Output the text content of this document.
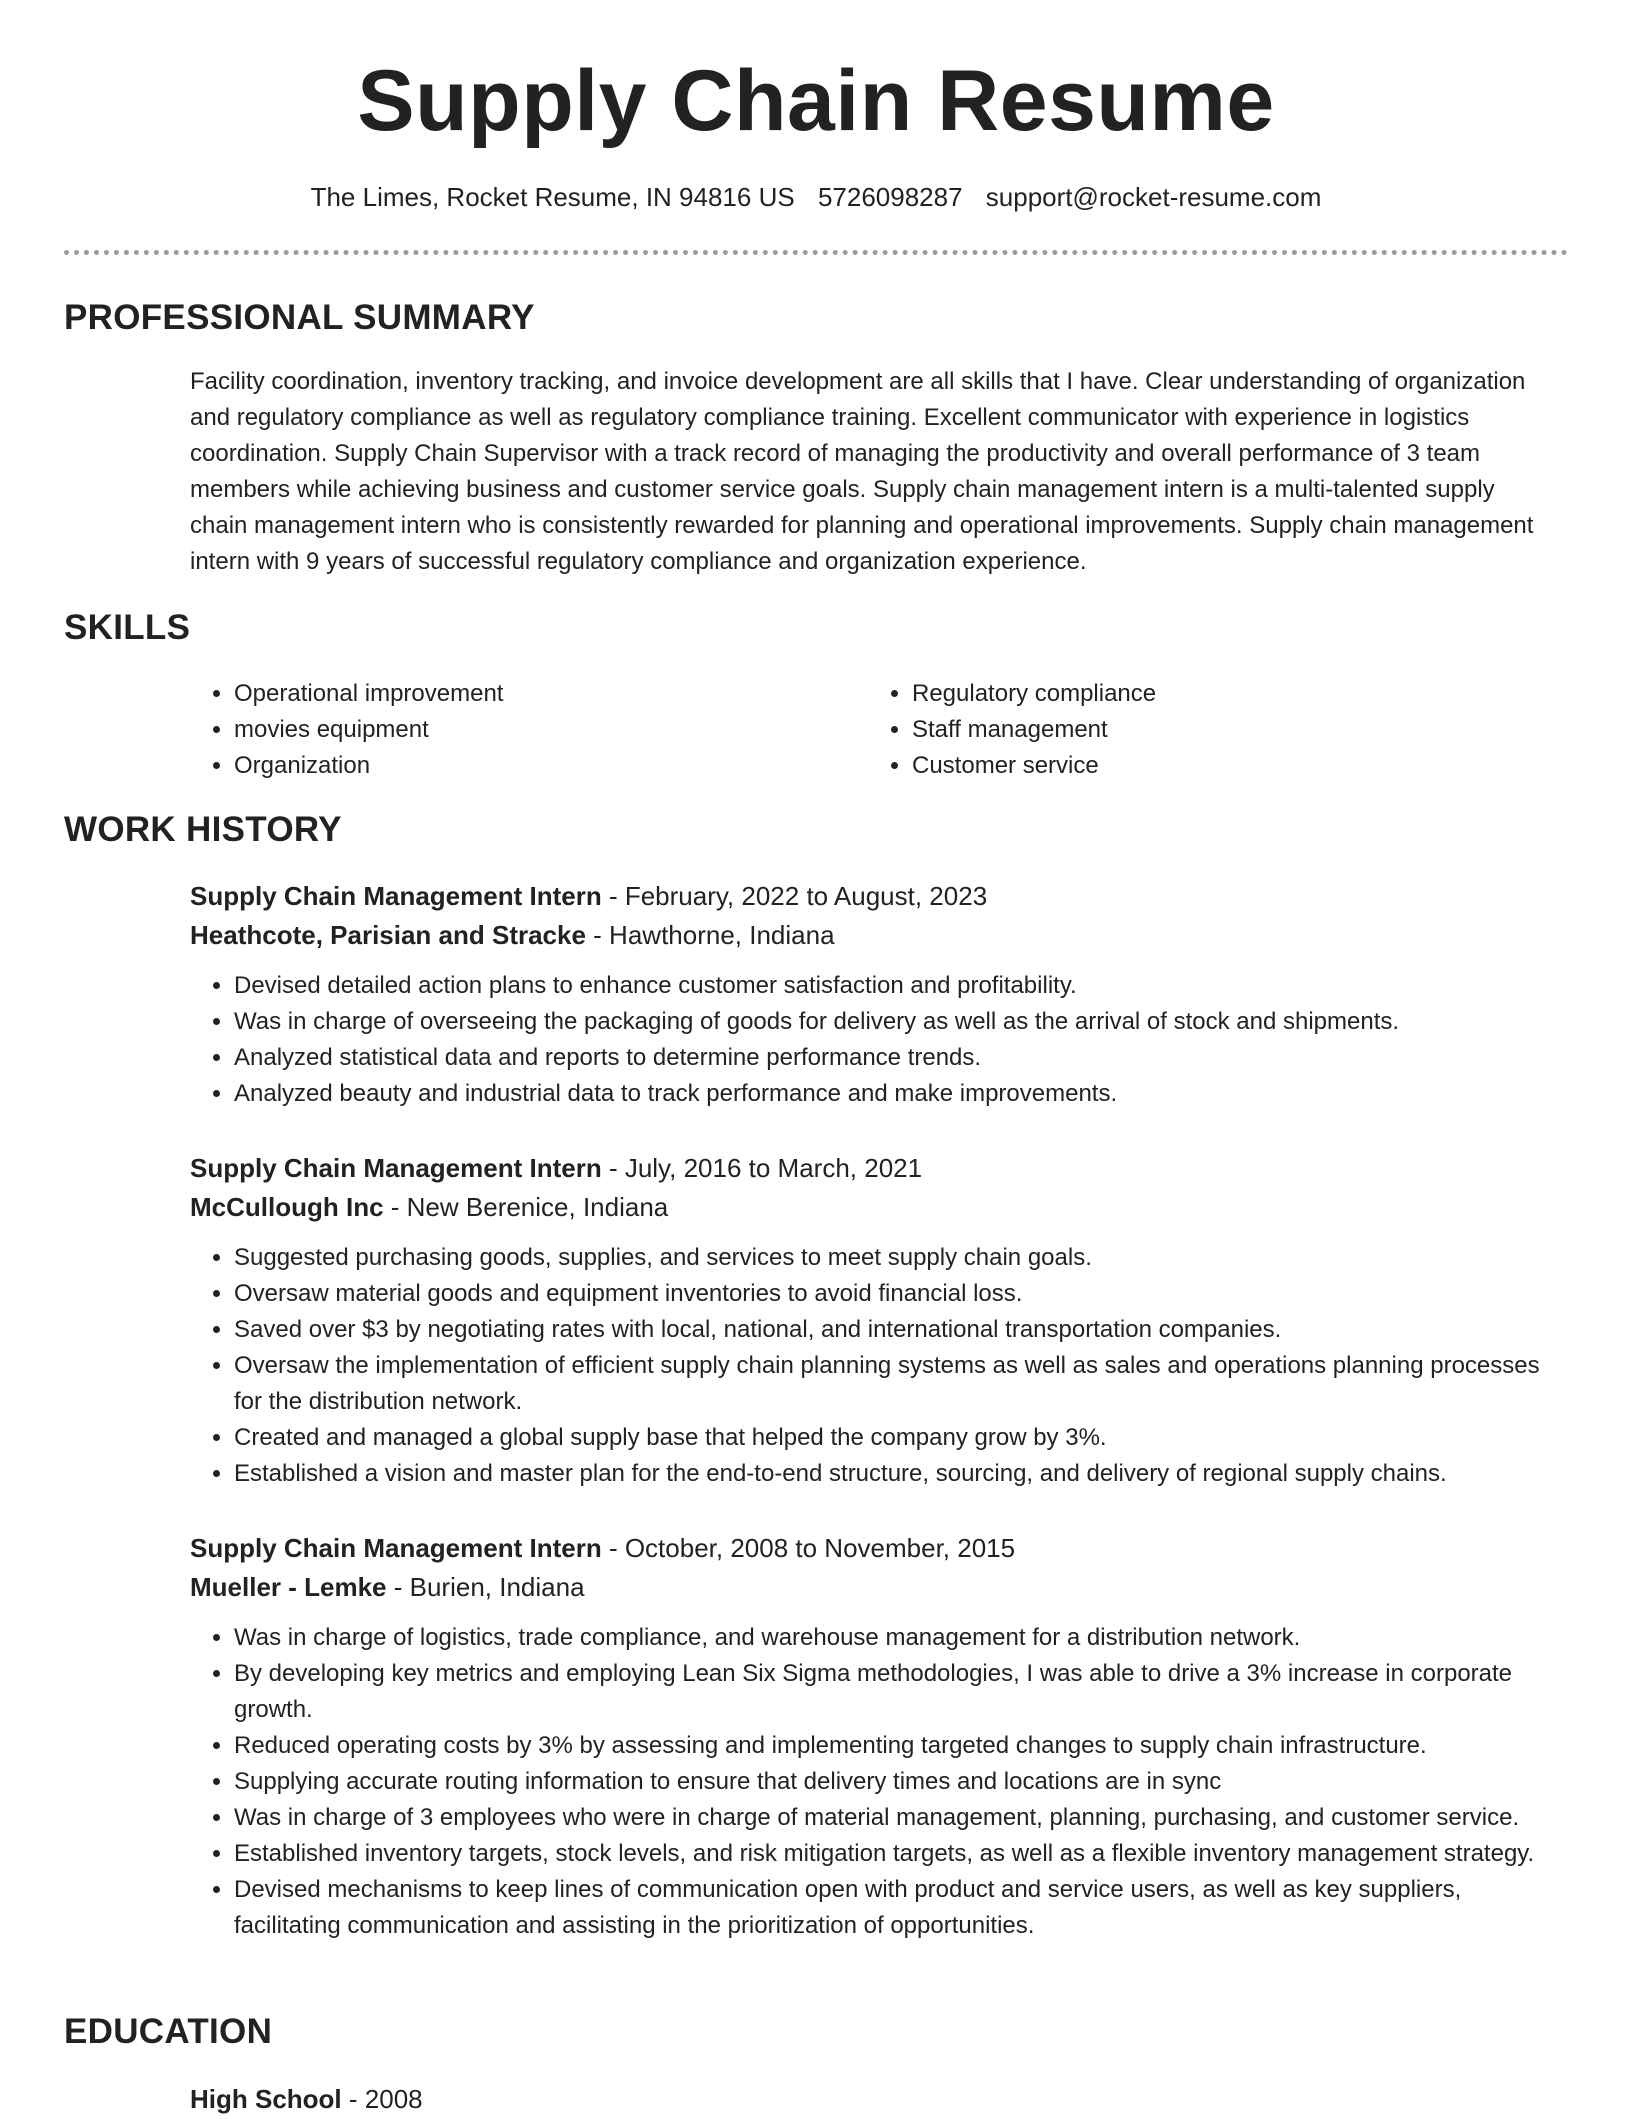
Supply Chain Resume
The Limes, Rocket Resume, IN 94816 US 5726098287 support@rocket-resume.com
PROFESSIONAL SUMMARY
Facility coordination, inventory tracking, and invoice development are all skills that I have. Clear understanding of organization and regulatory compliance as well as regulatory compliance training. Excellent communicator with experience in logistics coordination. Supply Chain Supervisor with a track record of managing the productivity and overall performance of 3 team members while achieving business and customer service goals. Supply chain management intern is a multi-talented supply chain management intern who is consistently rewarded for planning and operational improvements. Supply chain management intern with 9 years of successful regulatory compliance and organization experience.
SKILLS
• Operational improvement
• movies equipment
• Organization
• Regulatory compliance
• Staff management
• Customer service
WORK HISTORY
Supply Chain Management Intern - February, 2022 to August, 2023
Heathcote, Parisian and Stracke - Hawthorne, Indiana
• Devised detailed action plans to enhance customer satisfaction and profitability.
• Was in charge of overseeing the packaging of goods for delivery as well as the arrival of stock and shipments.
• Analyzed statistical data and reports to determine performance trends.
• Analyzed beauty and industrial data to track performance and make improvements.
Supply Chain Management Intern - July, 2016 to March, 2021
McCullough Inc - New Berenice, Indiana
• Suggested purchasing goods, supplies, and services to meet supply chain goals.
• Oversaw material goods and equipment inventories to avoid financial loss.
• Saved over $3 by negotiating rates with local, national, and international transportation companies.
• Oversaw the implementation of efficient supply chain planning systems as well as sales and operations planning processes for the distribution network.
• Created and managed a global supply base that helped the company grow by 3%.
• Established a vision and master plan for the end-to-end structure, sourcing, and delivery of regional supply chains.
Supply Chain Management Intern - October, 2008 to November, 2015
Mueller - Lemke - Burien, Indiana
• Was in charge of logistics, trade compliance, and warehouse management for a distribution network.
• By developing key metrics and employing Lean Six Sigma methodologies, I was able to drive a 3% increase in corporate growth.
• Reduced operating costs by 3% by assessing and implementing targeted changes to supply chain infrastructure.
• Supplying accurate routing information to ensure that delivery times and locations are in sync
• Was in charge of 3 employees who were in charge of material management, planning, purchasing, and customer service.
• Established inventory targets, stock levels, and risk mitigation targets, as well as a flexible inventory management strategy.
• Devised mechanisms to keep lines of communication open with product and service users, as well as key suppliers, facilitating communication and assisting in the prioritization of opportunities.
EDUCATION
High School - 2008
